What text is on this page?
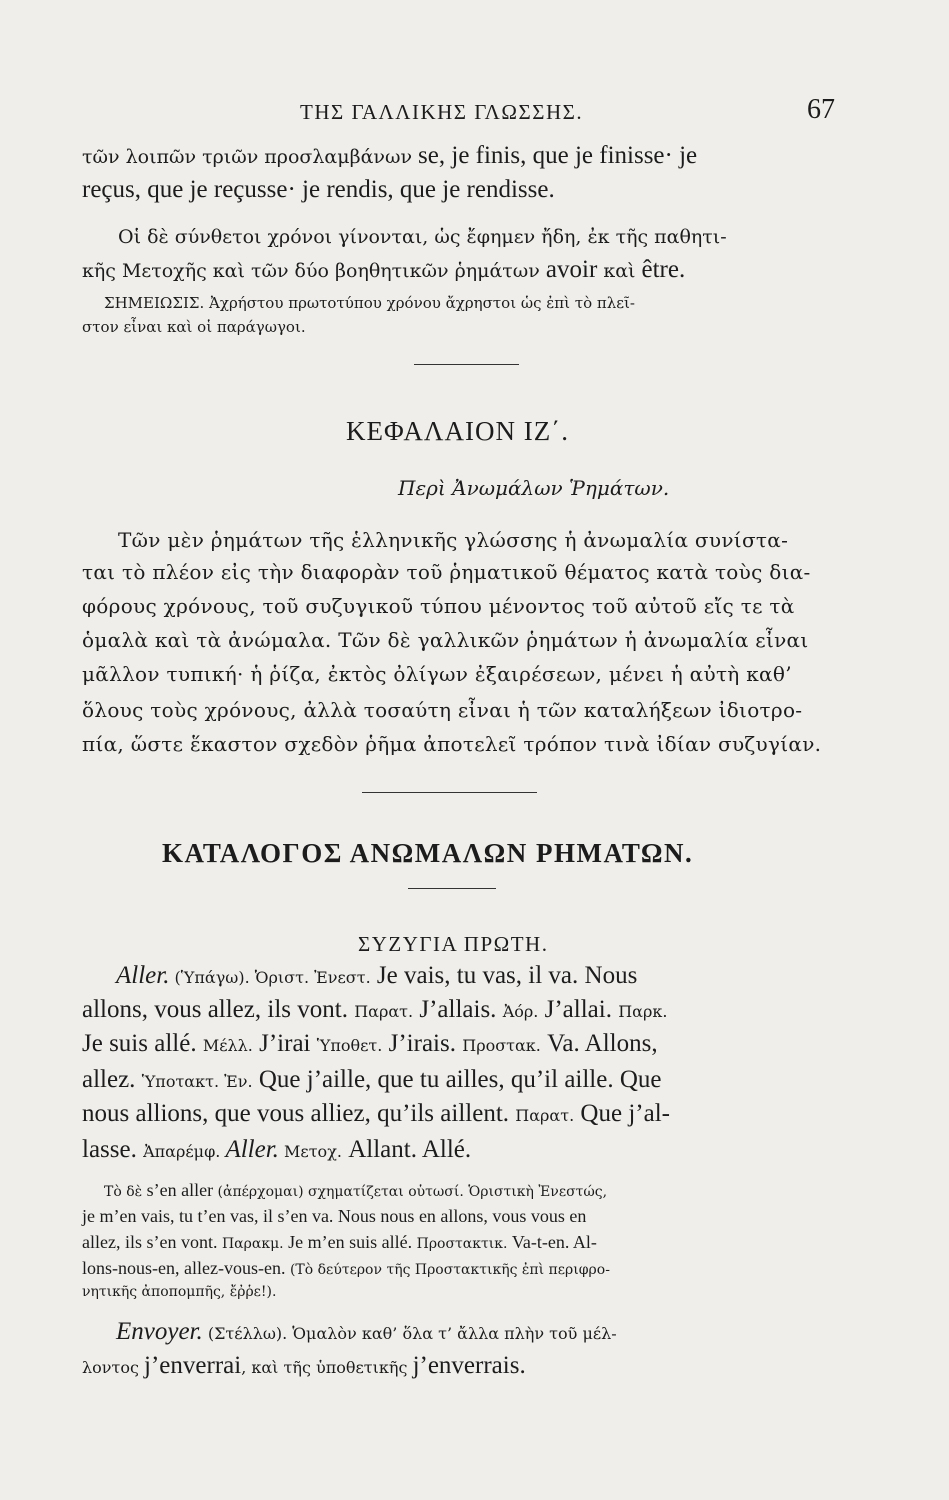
ΤΗΣ ΓΑΛΛΙΚΗΣ ΓΛΩΣΣΗΣ.	67

τῶν λοιπῶν τριῶν προσλαμβάνων se, je finis, que je finisse· je

reçus, que je reçusse· je rendis, que je rendisse.

Οἱ δὲ σύνθετοι χρόνοι γίνονται, ὡς ἔφημεν ἤδη, ἐκ τῆς παθητι-

κῆς Μετοχῆς καὶ τῶν δύο βοηθητικῶν ῥημάτων avoir καὶ être.

ΣΗΜΕΙΩΣΙΣ. Ἀχρήστου πρωτοτύπου χρόνου ἄχρηστοι ὡς ἐπὶ τὸ πλεῖ-

στον εἶναι καὶ οἱ παράγωγοι.

ΚΕΦΑΛΑΙΟΝ ΙΖ΄.

Περὶ Ἀνωμάλων Ῥημάτων.

Τῶν μὲν ῥημάτων τῆς ἑλληνικῆς γλώσσης ἡ ἀνωμαλία συνίστα-

ται τὸ πλέον εἰς τὴν διαφορὰν τοῦ ῥηματικοῦ θέματος κατὰ τοὺς δια-

φόρους χρόνους, τοῦ συζυγικοῦ τύπου μένοντος τοῦ αὐτοῦ εἴς τε τὰ

ὁμαλὰ καὶ τὰ ἀνώμαλα. Τῶν δὲ γαλλικῶν ῥημάτων ἡ ἀνωμαλία εἶναι

μᾶλλον τυπική· ἡ ῥίζα, ἐκτὸς ὀλίγων ἐξαιρέσεων, μένει ἡ αὐτὴ καθ’

ὅλους τοὺς χρόνους, ἀλλὰ τοσαύτη εἶναι ἡ τῶν καταλήξεων ἰδιοτρο-

πία, ὥστε ἕκαστον σχεδὸν ῥῆμα ἀποτελεῖ τρόπον τινὰ ἰδίαν συζυγίαν.

ΚΑΤΑΛΟΓΟΣ ΑΝΩΜΑΛΩΝ ΡΗΜΑΤΩΝ.

ΣΥΖΥΓΙΑ ΠΡΩΤΗ.

Aller. (Ὑπάγω). Ὁριστ. Ἐνεστ. Je vais, tu vas, il va. Nous

allons, vous allez, ils vont. Παρατ. J’allais. Ἀόρ. J’allai. Παρκ.

Je suis allé. Μέλλ. J’irai Ὑποθετ. J’irais. Προστακ. Va. Allons,

allez. Ὑποτακτ. Ἐν. Que j’aille, que tu ailles, qu’il aille. Que

nous allions, que vous alliez, qu’ils aillent. Παρατ. Que j’al-

lasse. Ἀπαρέμφ. Aller. Μετοχ. Allant. Allé.

Τὸ δὲ s’en aller (ἀπέρχομαι) σχηματίζεται οὑτωσί. Ὁριστικὴ Ἐνεστώς,

je m’en vais, tu t’en vas, il s’en va. Nous nous en allons, vous vous en

allez, ils s’en vont. Παρακμ. Je m’en suis allé. Προστακτικ. Va-t-en. Al-

lons-nous-en, allez-vous-en. (Τὸ δεύτερον τῆς Προστακτικῆς ἐπὶ περιφρο-

νητικῆς ἀποπομπῆς, ἔῤῥε!).

Envoyer. (Στέλλω). Ὁμαλὸν καθ’ ὅλα τ’ ἄλλα πλὴν τοῦ μέλ-

λοντος j’enverrai, καὶ τῆς ὑποθετικῆς j’enverrais.
